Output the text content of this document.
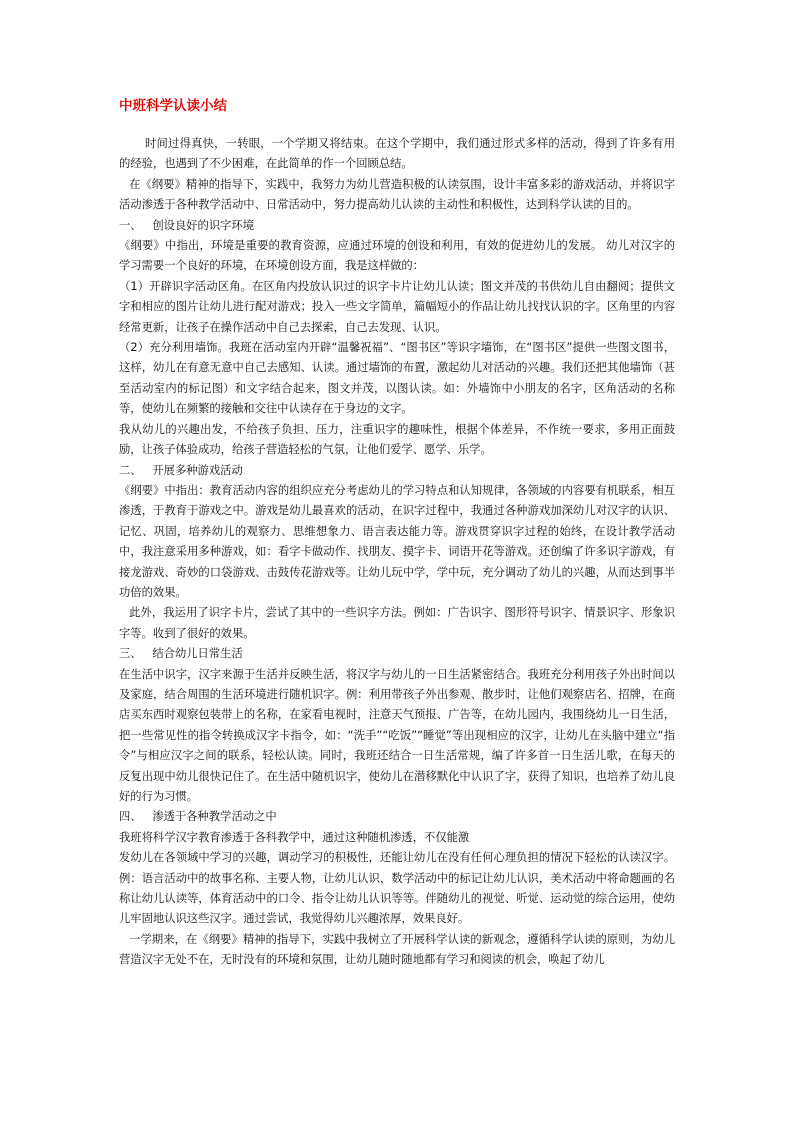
中班科学认读小结

时间过得真快，一转眼，一个学期又将结束。在这个学期中，我们通过形式多样的活动，得到了许多有用的经验，也遇到了不少困难，在此简单的作一个回顾总结。

在《纲要》精神的指导下，实践中，我努力为幼儿营造积极的认读氛围，设计丰富多彩的游戏活动，并将识字活动渗透于各种教学活动中、日常活动中，努力提高幼儿认读的主动性和积极性，达到科学认读的目的。

一、   创设良好的识字环境

《纲要》中指出，环境是重要的教育资源，应通过环境的创设和利用，有效的促进幼儿的发展。 幼儿对汉字的学习需要一个良好的环境，在环境创设方面，我是这样做的：

（1）开辟识字活动区角。在区角内投放认识过的识字卡片让幼儿认读；图文并茂的书供幼儿自由翻阅；提供文字和相应的图片让幼儿进行配对游戏；投入一些文字简单，篇幅短小的作品让幼儿找找认识的字。区角里的内容经常更新，让孩子在操作活动中自己去探索，自己去发现、认识。

（2）充分利用墙饰。我班在活动室内开辟“温馨祝福”、“图书区”等识字墙饰，在“图书区”提供一些图文图书，这样，幼儿在有意无意中自己去感知、认读。通过墙饰的布置，激起幼儿对活动的兴趣。我们还把其他墙饰（甚至活动室内的标记图）和文字结合起来，图文并茂，以图认读。如：外墙饰中小朋友的名字，区角活动的名称等，使幼儿在频繁的接触和交往中认读存在于身边的文字。

我从幼儿的兴趣出发，不给孩子负担、压力，注重识字的趣味性，根据个体差异，不作统一要求，多用正面鼓励，让孩子体验成功，给孩子营造轻松的气氛，让他们爱学、愿学、乐学。

二、   开展多种游戏活动

《纲要》中指出：教育活动内容的组织应充分考虑幼儿的学习特点和认知规律，各领域的内容要有机联系，相互渗透，于教育于游戏之中。游戏是幼儿最喜欢的活动，在识字过程中，我通过各种游戏加深幼儿对汉字的认识、记忆、巩固，培养幼儿的观察力、思维想象力、语言表达能力等。游戏贯穿识字过程的始终，在设计教学活动中，我注意采用多种游戏，如：看字卡做动作、找朋友、摸字卡、词语开花等游戏。还创编了许多识字游戏，有接龙游戏、奇妙的口袋游戏、击鼓传花游戏等。让幼儿玩中学，学中玩，充分调动了幼儿的兴趣，从而达到事半功倍的效果。

此外，我运用了识字卡片，尝试了其中的一些识字方法。例如：广告识字、图形符号识字、情景识字、形象识字等。收到了很好的效果。

三、   结合幼儿日常生活

在生活中识字，汉字来源于生活并反映生活，将汉字与幼儿的一日生活紧密结合。我班充分利用孩子外出时间以及家庭，结合周围的生活环境进行随机识字。例：利用带孩子外出参观、散步时，让他们观察店名、招牌，在商店买东西时观察包装带上的名称，在家看电视时，注意天气预报、广告等，在幼儿园内，我围绕幼儿一日生活，把一些常见性的指令转换成汉字卡指令，如：“洗手”“吃饭”“睡觉”等出现相应的汉字，让幼儿在头脑中建立“指令”与相应汉字之间的联系，轻松认读。同时，我班还结合一日生活常规，编了许多首一日生活儿歌，在每天的反复出现中幼儿很快记住了。在生活中随机识字，使幼儿在潜移默化中认识了字，获得了知识，也培养了幼儿良好的行为习惯。

四、   渗透于各种教学活动之中

我班将科学汉字教育渗透于各科教学中，通过这种随机渗透，不仅能激

发幼儿在各领域中学习的兴趣，调动学习的积极性，还能让幼儿在没有任何心理负担的情况下轻松的认读汉字。例：语言活动中的故事名称、主要人物，让幼儿认识，数学活动中的标记让幼儿认识，美术活动中将命题画的名称让幼儿认读等，体育活动中的口令、指令让幼儿认识等等。伴随幼儿的视觉、听觉、运动觉的综合运用，使幼儿牢固地认识这些汉字。通过尝试，我觉得幼儿兴趣浓厚，效果良好。

一学期来，在《纲要》精神的指导下，实践中我树立了开展科学认读的新观念，遵循科学认读的原则，为幼儿营造汉字无处不在，无时没有的环境和氛围，让幼儿随时随地都有学习和阅读的机会，唤起了幼儿
